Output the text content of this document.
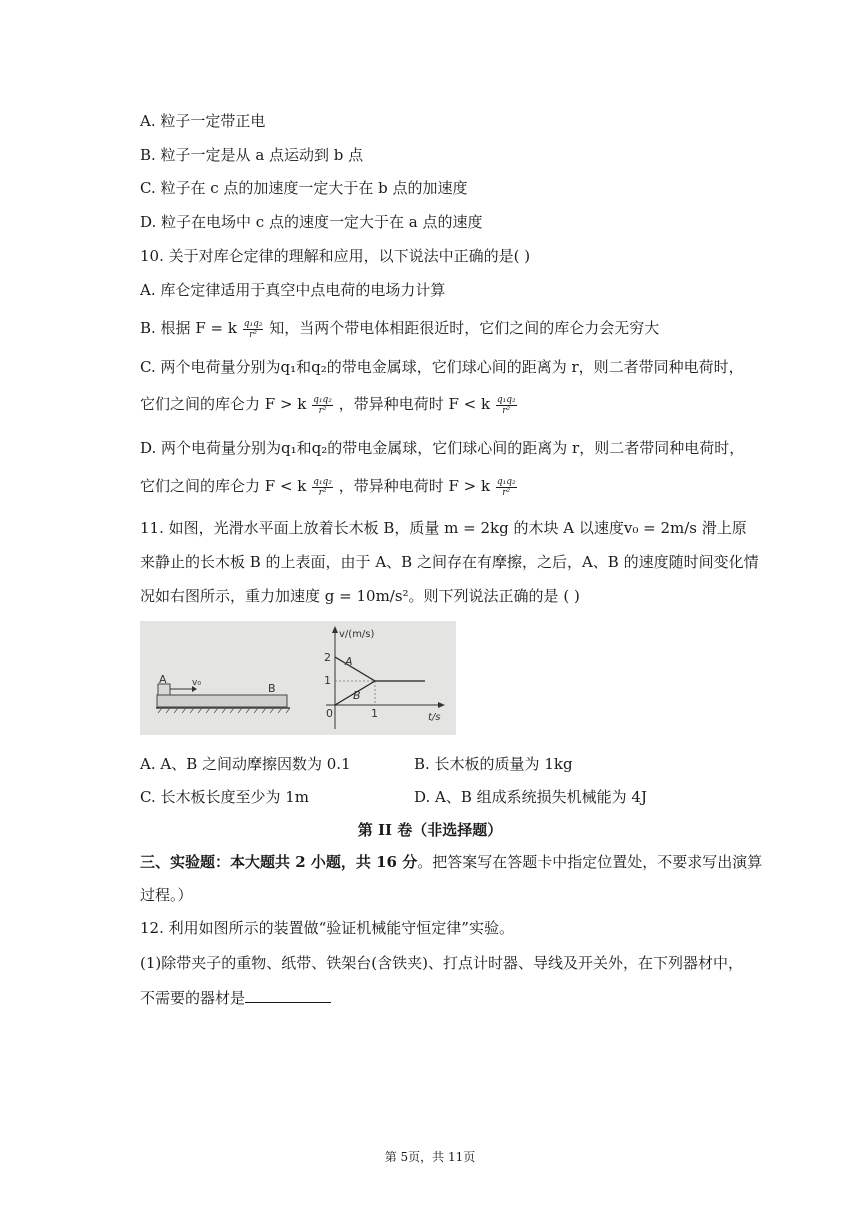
A. 粒子一定带正电
B. 粒子一定是从 a 点运动到 b 点
C. 粒子在 c 点的加速度一定大于在 b 点的加速度
D. 粒子在电场中 c 点的速度一定大于在 a 点的速度
10. 关于对库仑定律的理解和应用，以下说法中正确的是( )
A. 库仑定律适用于真空中点电荷的电场力计算
B. 根据 F = k $\frac{\text{q₁q₂}}{\text{r²}}$ 知，当两个带电体相距很近时，它们之间的库仑力会无穷大
C. 两个电荷量分别为q₁和q₂的带电金属球，它们球心间的距离为 r，则二者带同种电荷时，
它们之间的库仑力 F > k $\frac{\text{q₁q₂}}{\text{r²}}$ ，带异种电荷时 F < k $\frac{\text{q₁q₂}}{\text{r²}}$
D. 两个电荷量分别为q₁和q₂的带电金属球，它们球心间的距离为 r，则二者带同种电荷时，
它们之间的库仑力 F < k $\frac{\text{q₁q₂}}{\text{r²}}$ ，带异种电荷时 F > k $\frac{\text{q₁q₂}}{\text{r²}}$
11. 如图，光滑水平面上放着长木板 B，质量 m = 2kg 的木块 A 以速度v₀ = 2m/s 滑上原
来静止的长木板 B 的上表面，由于 A、B 之间存在有摩擦，之后，A、B 的速度随时间变化情
况如右图所示，重力加速度 g = 10m/s²。则下列说法正确的是 ( )
A	v₀	B
v/(m/s)
t/s
2
1
0	1
A
B
A. A、B 之间动摩擦因数为 0.1	B. 长木板的质量为 1kg
C. 长木板长度至少为 1m	D. A、B 组成系统损失机械能为 4J
第 II 卷（非选择题）
三、实验题：本大题共 2 小题，共 16 分。把答案写在答题卡中指定位置处，不要求写出演算
过程。）
12. 利用如图所示的装置做“验证机械能守恒定律”实验。
(1)除带夹子的重物、纸带、铁架台(含铁夹)、打点计时器、导线及开关外，在下列器材中，
不需要的器材是
第 5页，共 11页
